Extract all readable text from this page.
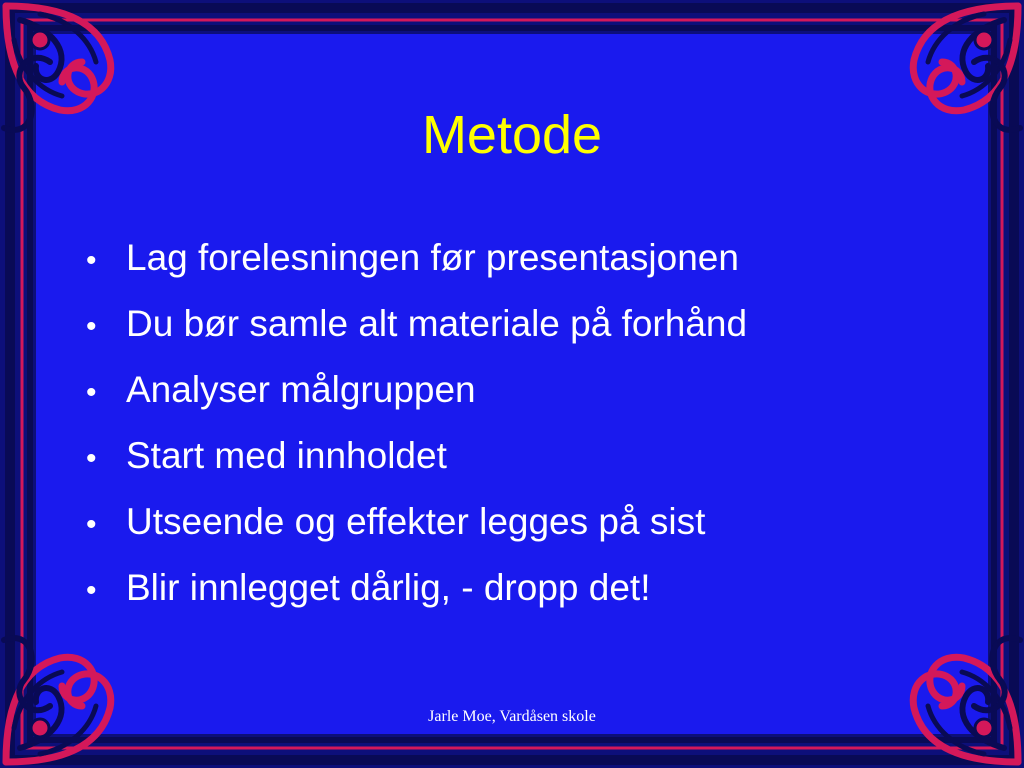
Metode
• Lag forelesningen før presentasjonen
• Du bør samle alt materiale på forhånd
• Analyser målgruppen
• Start med innholdet
• Utseende og effekter legges på sist
• Blir innlegget dårlig, - dropp det!
Jarle Moe, Vardåsen skole
